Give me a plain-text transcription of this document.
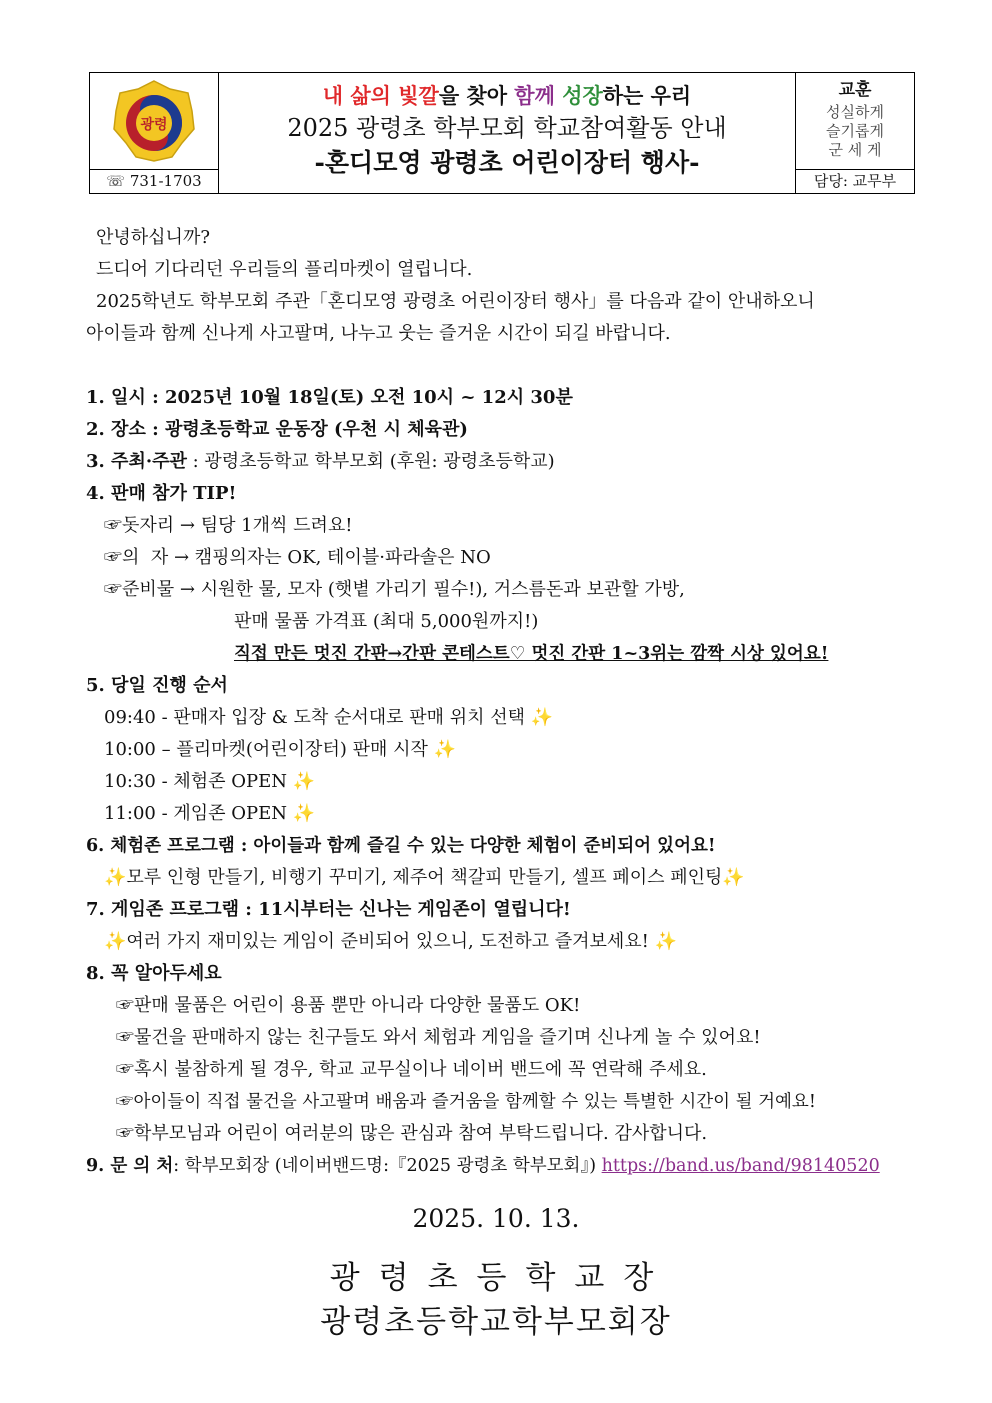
광령
☏ 731-1703
내 삶의 빛깔을 찾아 함께 성장하는 우리
2025 광령초 학부모회 학교참여활동 안내
-혼디모영 광령초 어린이장터 행사-
교훈
성실하게
슬기롭게
군 세 게
담당: 교무부
안녕하십니까?
드디어 기다리던 우리들의 플리마켓이 열립니다.
2025학년도 학부모회 주관「혼디모영 광령초 어린이장터 행사」를 다음과 같이 안내하오니
아이들과 함께 신나게 사고팔며, 나누고 웃는 즐거운 시간이 되길 바랍니다.
1. 일시 : 2025년 10월 18일(토) 오전 10시 ~ 12시 30분
2. 장소 : 광령초등학교 운동장 (우천 시 체육관)
3. 주최·주관 : 광령초등학교 학부모회 (후원: 광령초등학교)
4. 판매 참가 TIP!
☞돗자리 → 팀당 1개씩 드려요!
☞의  자 → 캠핑의자는 OK, 테이블·파라솔은 NO
☞준비물 → 시원한 물, 모자 (햇볕 가리기 필수!), 거스름돈과 보관할 가방,
판매 물품 가격표 (최대 5,000원까지!)
직접 만든 멋진 간판→간판 콘테스트♡ 멋진 간판 1~3위는 깜짝 시상 있어요!
5. 당일 진행 순서
09:40 - 판매자 입장 & 도착 순서대로 판매 위치 선택 ✨
10:00 – 플리마켓(어린이장터) 판매 시작 ✨
10:30 - 체험존 OPEN ✨
11:00 - 게임존 OPEN ✨
6. 체험존 프로그램 : 아이들과 함께 즐길 수 있는 다양한 체험이 준비되어 있어요!
✨모루 인형 만들기, 비행기 꾸미기, 제주어 책갈피 만들기, 셀프 페이스 페인팅✨
7. 게임존 프로그램 : 11시부터는 신나는 게임존이 열립니다!
✨여러 가지 재미있는 게임이 준비되어 있으니, 도전하고 즐겨보세요! ✨
8. 꼭 알아두세요
☞판매 물품은 어린이 용품 뿐만 아니라 다양한 물품도 OK!
☞물건을 판매하지 않는 친구들도 와서 체험과 게임을 즐기며 신나게 놀 수 있어요!
☞혹시 불참하게 될 경우, 학교 교무실이나 네이버 밴드에 꼭 연락해 주세요.
☞아이들이 직접 물건을 사고팔며 배움과 즐거움을 함께할 수 있는 특별한 시간이 될 거예요!
☞학부모님과 어린이 여러분의 많은 관심과 참여 부탁드립니다. 감사합니다.
9. 문 의 처: 학부모회장 (네이버밴드명:『2025 광령초 학부모회』) https://band.us/band/98140520
2025. 10. 13.
광령초등학교장
광령초등학교학부모회장
